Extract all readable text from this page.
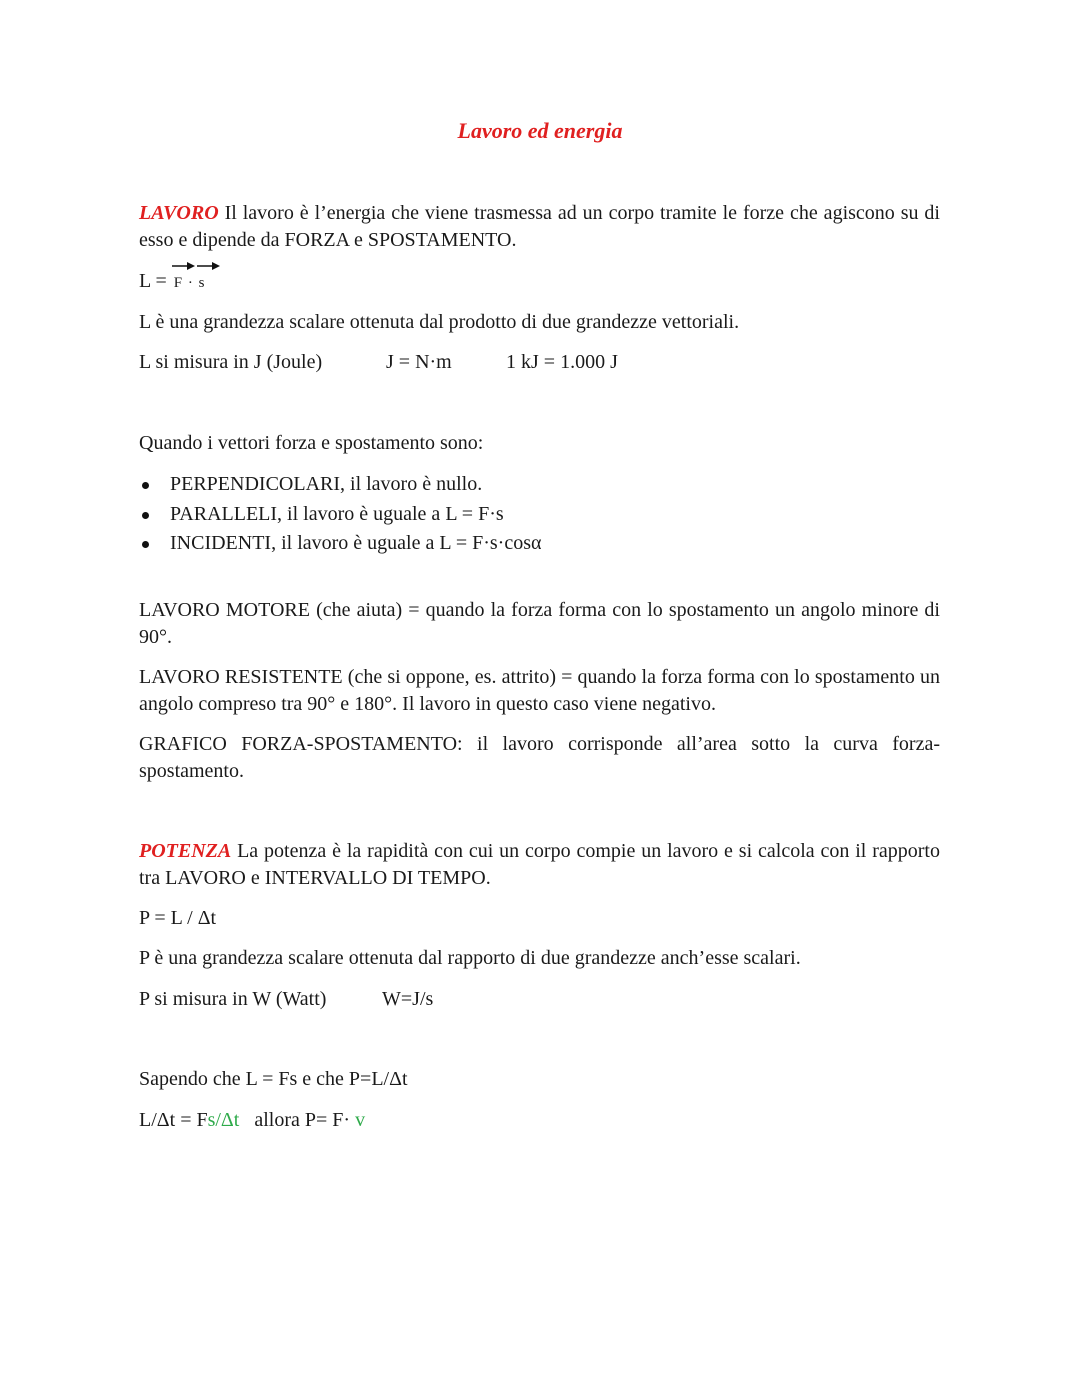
Lavoro ed energia
LAVORO Il lavoro è l’energia che viene trasmessa ad un corpo tramite le forze che agiscono su di esso e dipende da FORZA e SPOSTAMENTO.
L =
F ·
s
L è una grandezza scalare ottenuta dal prodotto di due grandezze vettoriali.
L si misura in J (Joule)	J = N·m	1 kJ = 1.000 J
Quando i vettori forza e spostamento sono:
PERPENDICOLARI, il lavoro è nullo.
PARALLELI, il lavoro è uguale a L = F·s
INCIDENTI, il lavoro è uguale a L = F·s·cosα
LAVORO MOTORE (che aiuta) = quando la forza forma con lo spostamento un angolo minore di 90°.
LAVORO RESISTENTE (che si oppone, es. attrito) = quando la forza forma con lo spostamento un angolo compreso tra 90° e 180°. Il lavoro in questo caso viene negativo.
GRAFICO FORZA-SPOSTAMENTO: il lavoro corrisponde all’area sotto la curva forza-spostamento.
POTENZA La potenza è la rapidità con cui un corpo compie un lavoro e si calcola con il rapporto tra LAVORO e INTERVALLO DI TEMPO.
P = L / Δt
P è una grandezza scalare ottenuta dal rapporto di due grandezze anch’esse scalari.
P si misura in W (Watt)	W=J/s
Sapendo che L = Fs e che P=L/Δt
L/Δt = Fs/Δt   allora P= F· v
